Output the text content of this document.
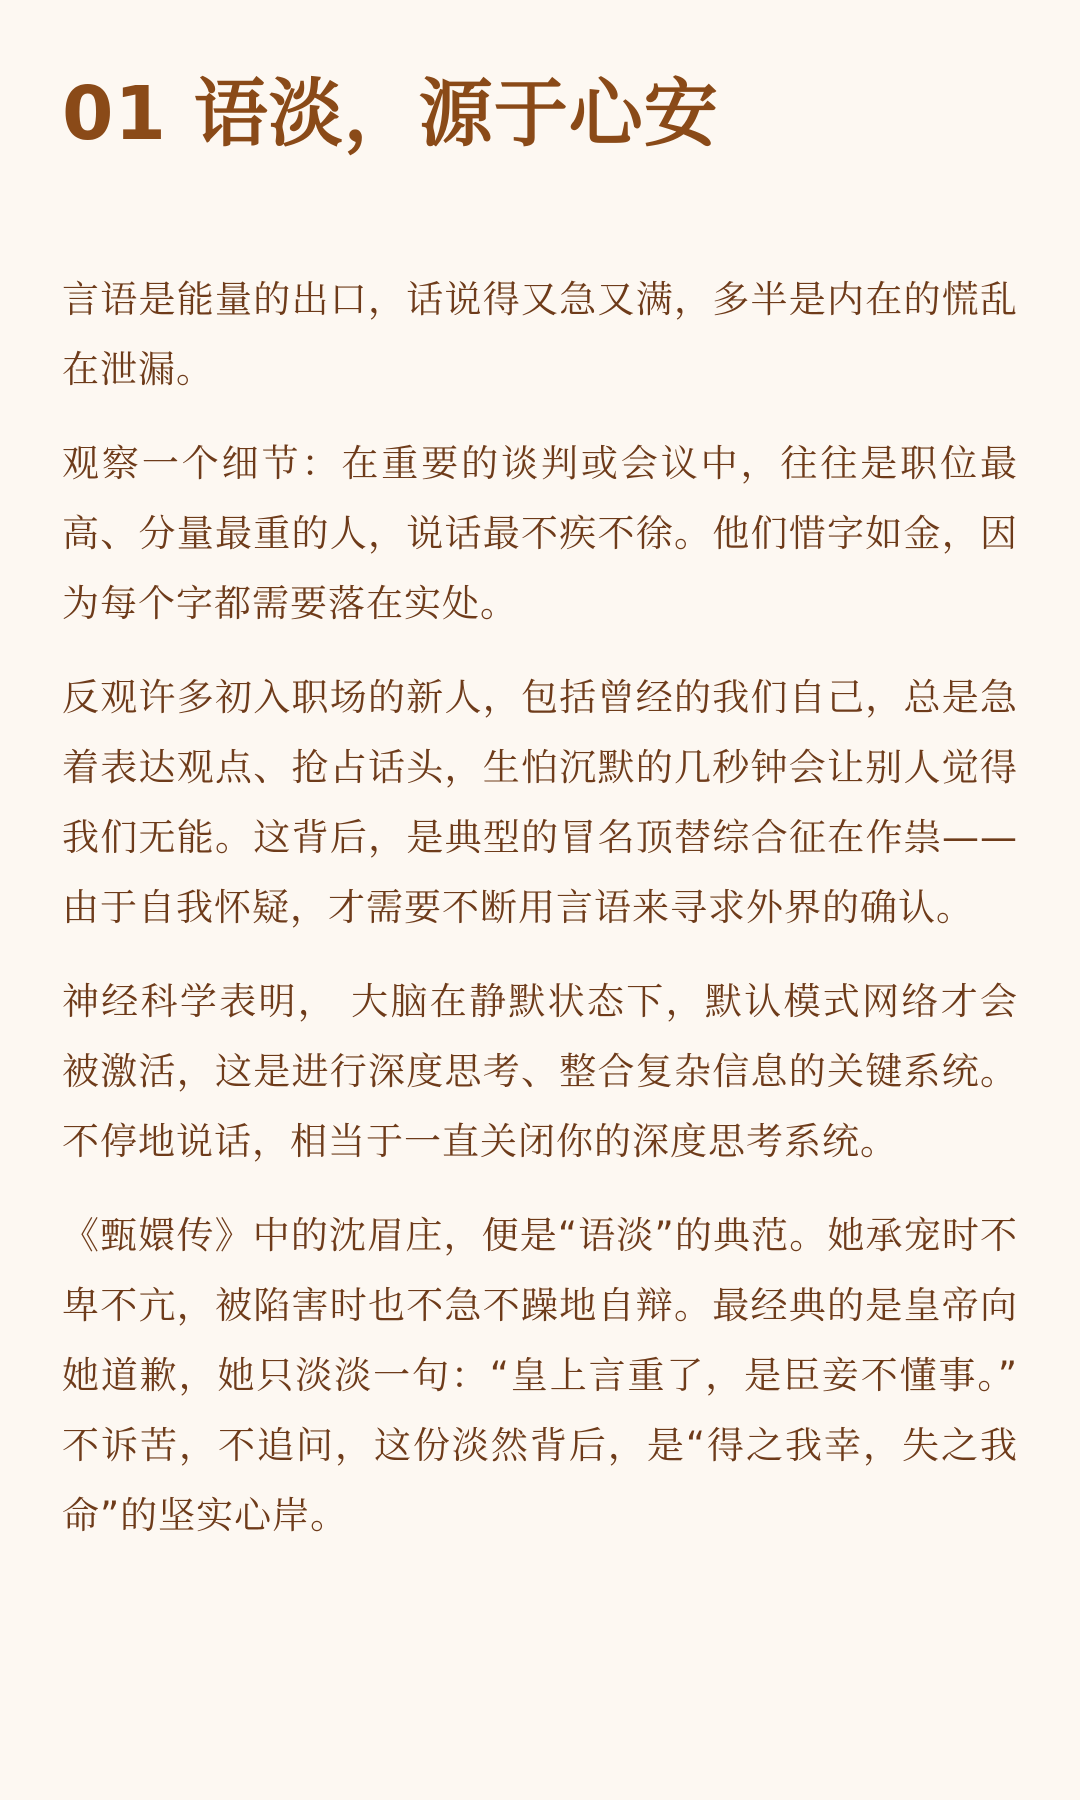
01 语淡，源于心安

言语是能量的出口，话说得又急又满，多半是内在的慌乱在泄漏。

观察一个细节：在重要的谈判或会议中，往往是职位最高、分量最重的人，说话最不疾不徐。他们惜字如金，因为每个字都需要落在实处。

反观许多初入职场的新人，包括曾经的我们自己，总是急着表达观点、抢占话头，生怕沉默的几秒钟会让别人觉得我们无能。这背后，是典型的冒名顶替综合征在作祟——由于自我怀疑，才需要不断用言语来寻求外界的确认。

神经科学表明， 大脑在静默状态下，默认模式网络才会被激活，这是进行深度思考、整合复杂信息的关键系统。不停地说话，相当于一直关闭你的深度思考系统。

《甄嬛传》中的沈眉庄，便是“语淡”的典范。她承宠时不卑不亢，被陷害时也不急不躁地自辩。最经典的是皇帝向她道歉，她只淡淡一句：“皇上言重了，是臣妾不懂事。” 不诉苦，不追问，这份淡然背后，是“得之我幸，失之我命”的坚实心岸。
